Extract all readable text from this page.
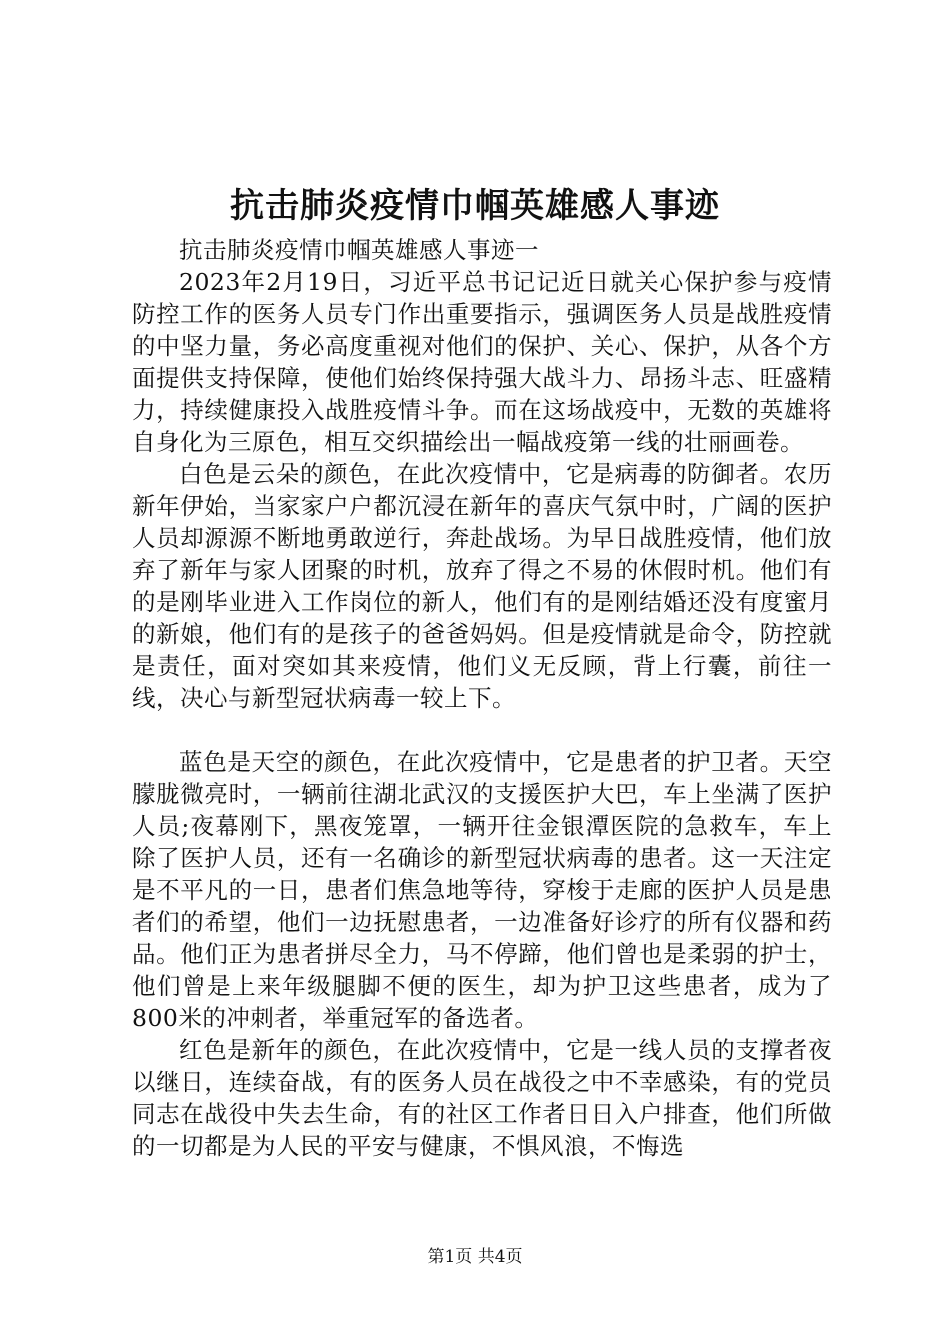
抗击肺炎疫情巾帼英雄感人事迹

抗击肺炎疫情巾帼英雄感人事迹一

2023年2月19日，习近平总书记记近日就关心保护参与疫情防控工作的医务人员专门作出重要指示，强调医务人员是战胜疫情的中坚力量，务必高度重视对他们的保护、关心、保护，从各个方面提供支持保障，使他们始终保持强大战斗力、昂扬斗志、旺盛精力，持续健康投入战胜疫情斗争。而在这场战疫中，无数的英雄将自身化为三原色，相互交织描绘出一幅战疫第一线的壮丽画卷。

白色是云朵的颜色，在此次疫情中，它是病毒的防御者。农历新年伊始，当家家户户都沉浸在新年的喜庆气氛中时，广阔的医护人员却源源不断地勇敢逆行，奔赴战场。为早日战胜疫情，他们放弃了新年与家人团聚的时机，放弃了得之不易的休假时机。他们有的是刚毕业进入工作岗位的新人，他们有的是刚结婚还没有度蜜月的新娘，他们有的是孩子的爸爸妈妈。但是疫情就是命令，防控就是责任，面对突如其来疫情，他们义无反顾，背上行囊，前往一线，决心与新型冠状病毒一较上下。

蓝色是天空的颜色，在此次疫情中，它是患者的护卫者。天空朦胧微亮时，一辆前往湖北武汉的支援医护大巴，车上坐满了医护人员;夜幕刚下，黑夜笼罩，一辆开往金银潭医院的急救车，车上除了医护人员，还有一名确诊的新型冠状病毒的患者。这一天注定是不平凡的一日，患者们焦急地等待，穿梭于走廊的医护人员是患者们的希望，他们一边抚慰患者，一边准备好诊疗的所有仪器和药品。他们正为患者拼尽全力，马不停蹄，他们曾也是柔弱的护士，他们曾是上来年级腿脚不便的医生，却为护卫这些患者，成为了800米的冲刺者，举重冠军的备选者。

红色是新年的颜色，在此次疫情中，它是一线人员的支撑者夜以继日，连续奋战，有的医务人员在战役之中不幸感染，有的党员同志在战役中失去生命，有的社区工作者日日入户排查，他们所做的一切都是为人民的平安与健康，不惧风浪，不悔选

第1页 共4页
